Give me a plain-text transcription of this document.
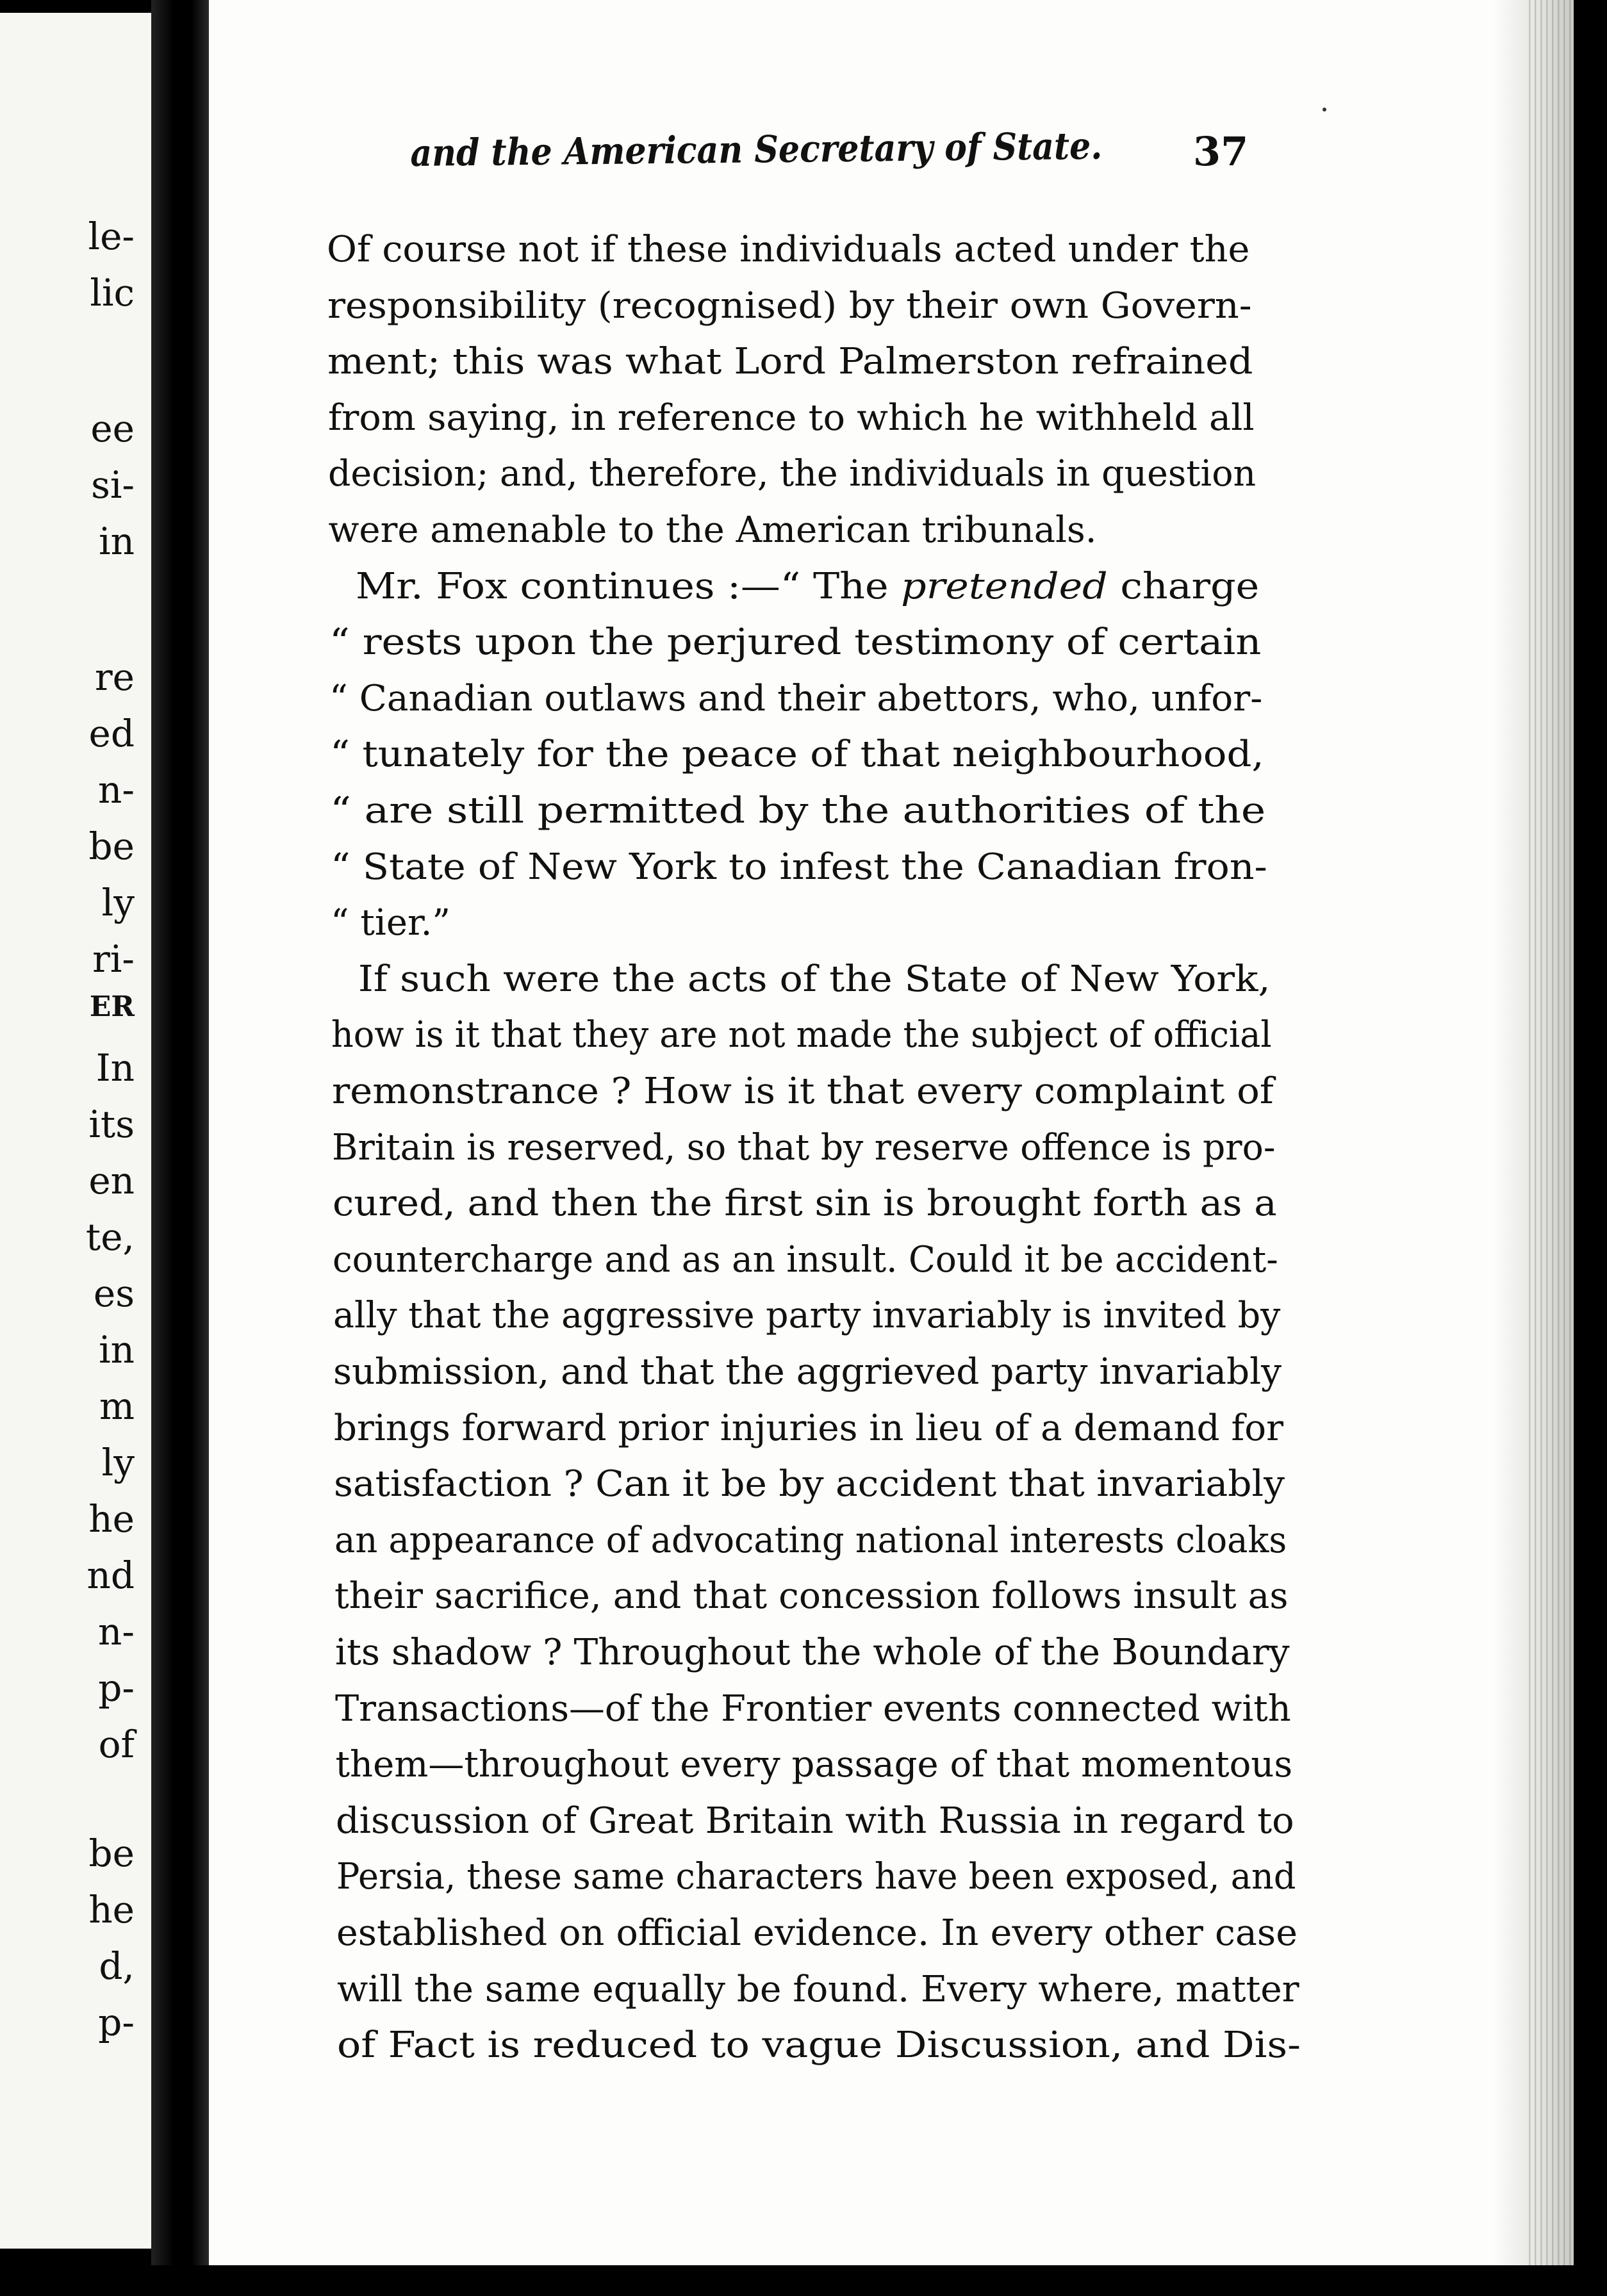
le-
lic
ee
si-
in
re
ed
n-
be
ly
ri-
ER
In
its
en
te,
es
in
m
ly
he
nd
n-
p-
of
be
he
d,
p-
and the American Secretary of State. 37
Of course not if these individuals acted under the
responsibility (recognised) by their own Govern-
ment; this was what Lord Palmerston refrained
from saying, in reference to which he withheld all
decision; and, therefore, the individuals in question
were amenable to the American tribunals.
Mr. Fox continues :—“ The pretended charge
“ rests upon the perjured testimony of certain
“ Canadian outlaws and their abettors, who, unfor-
“ tunately for the peace of that neighbourhood,
“ are still permitted by the authorities of the
“ State of New York to infest the Canadian fron-
“ tier.”
If such were the acts of the State of New York,
how is it that they are not made the subject of official
remonstrance ? How is it that every complaint of
Britain is reserved, so that by reserve offence is pro-
cured, and then the first sin is brought forth as a
countercharge and as an insult. Could it be accident-
ally that the aggressive party invariably is invited by
submission, and that the aggrieved party invariably
brings forward prior injuries in lieu of a demand for
satisfaction ? Can it be by accident that invariably
an appearance of advocating national interests cloaks
their sacrifice, and that concession follows insult as
its shadow ? Throughout the whole of the Boundary
Transactions—of the Frontier events connected with
them—throughout every passage of that momentous
discussion of Great Britain with Russia in regard to
Persia, these same characters have been exposed, and
established on official evidence. In every other case
will the same equally be found. Every where, matter
of Fact is reduced to vague Discussion, and Dis-
